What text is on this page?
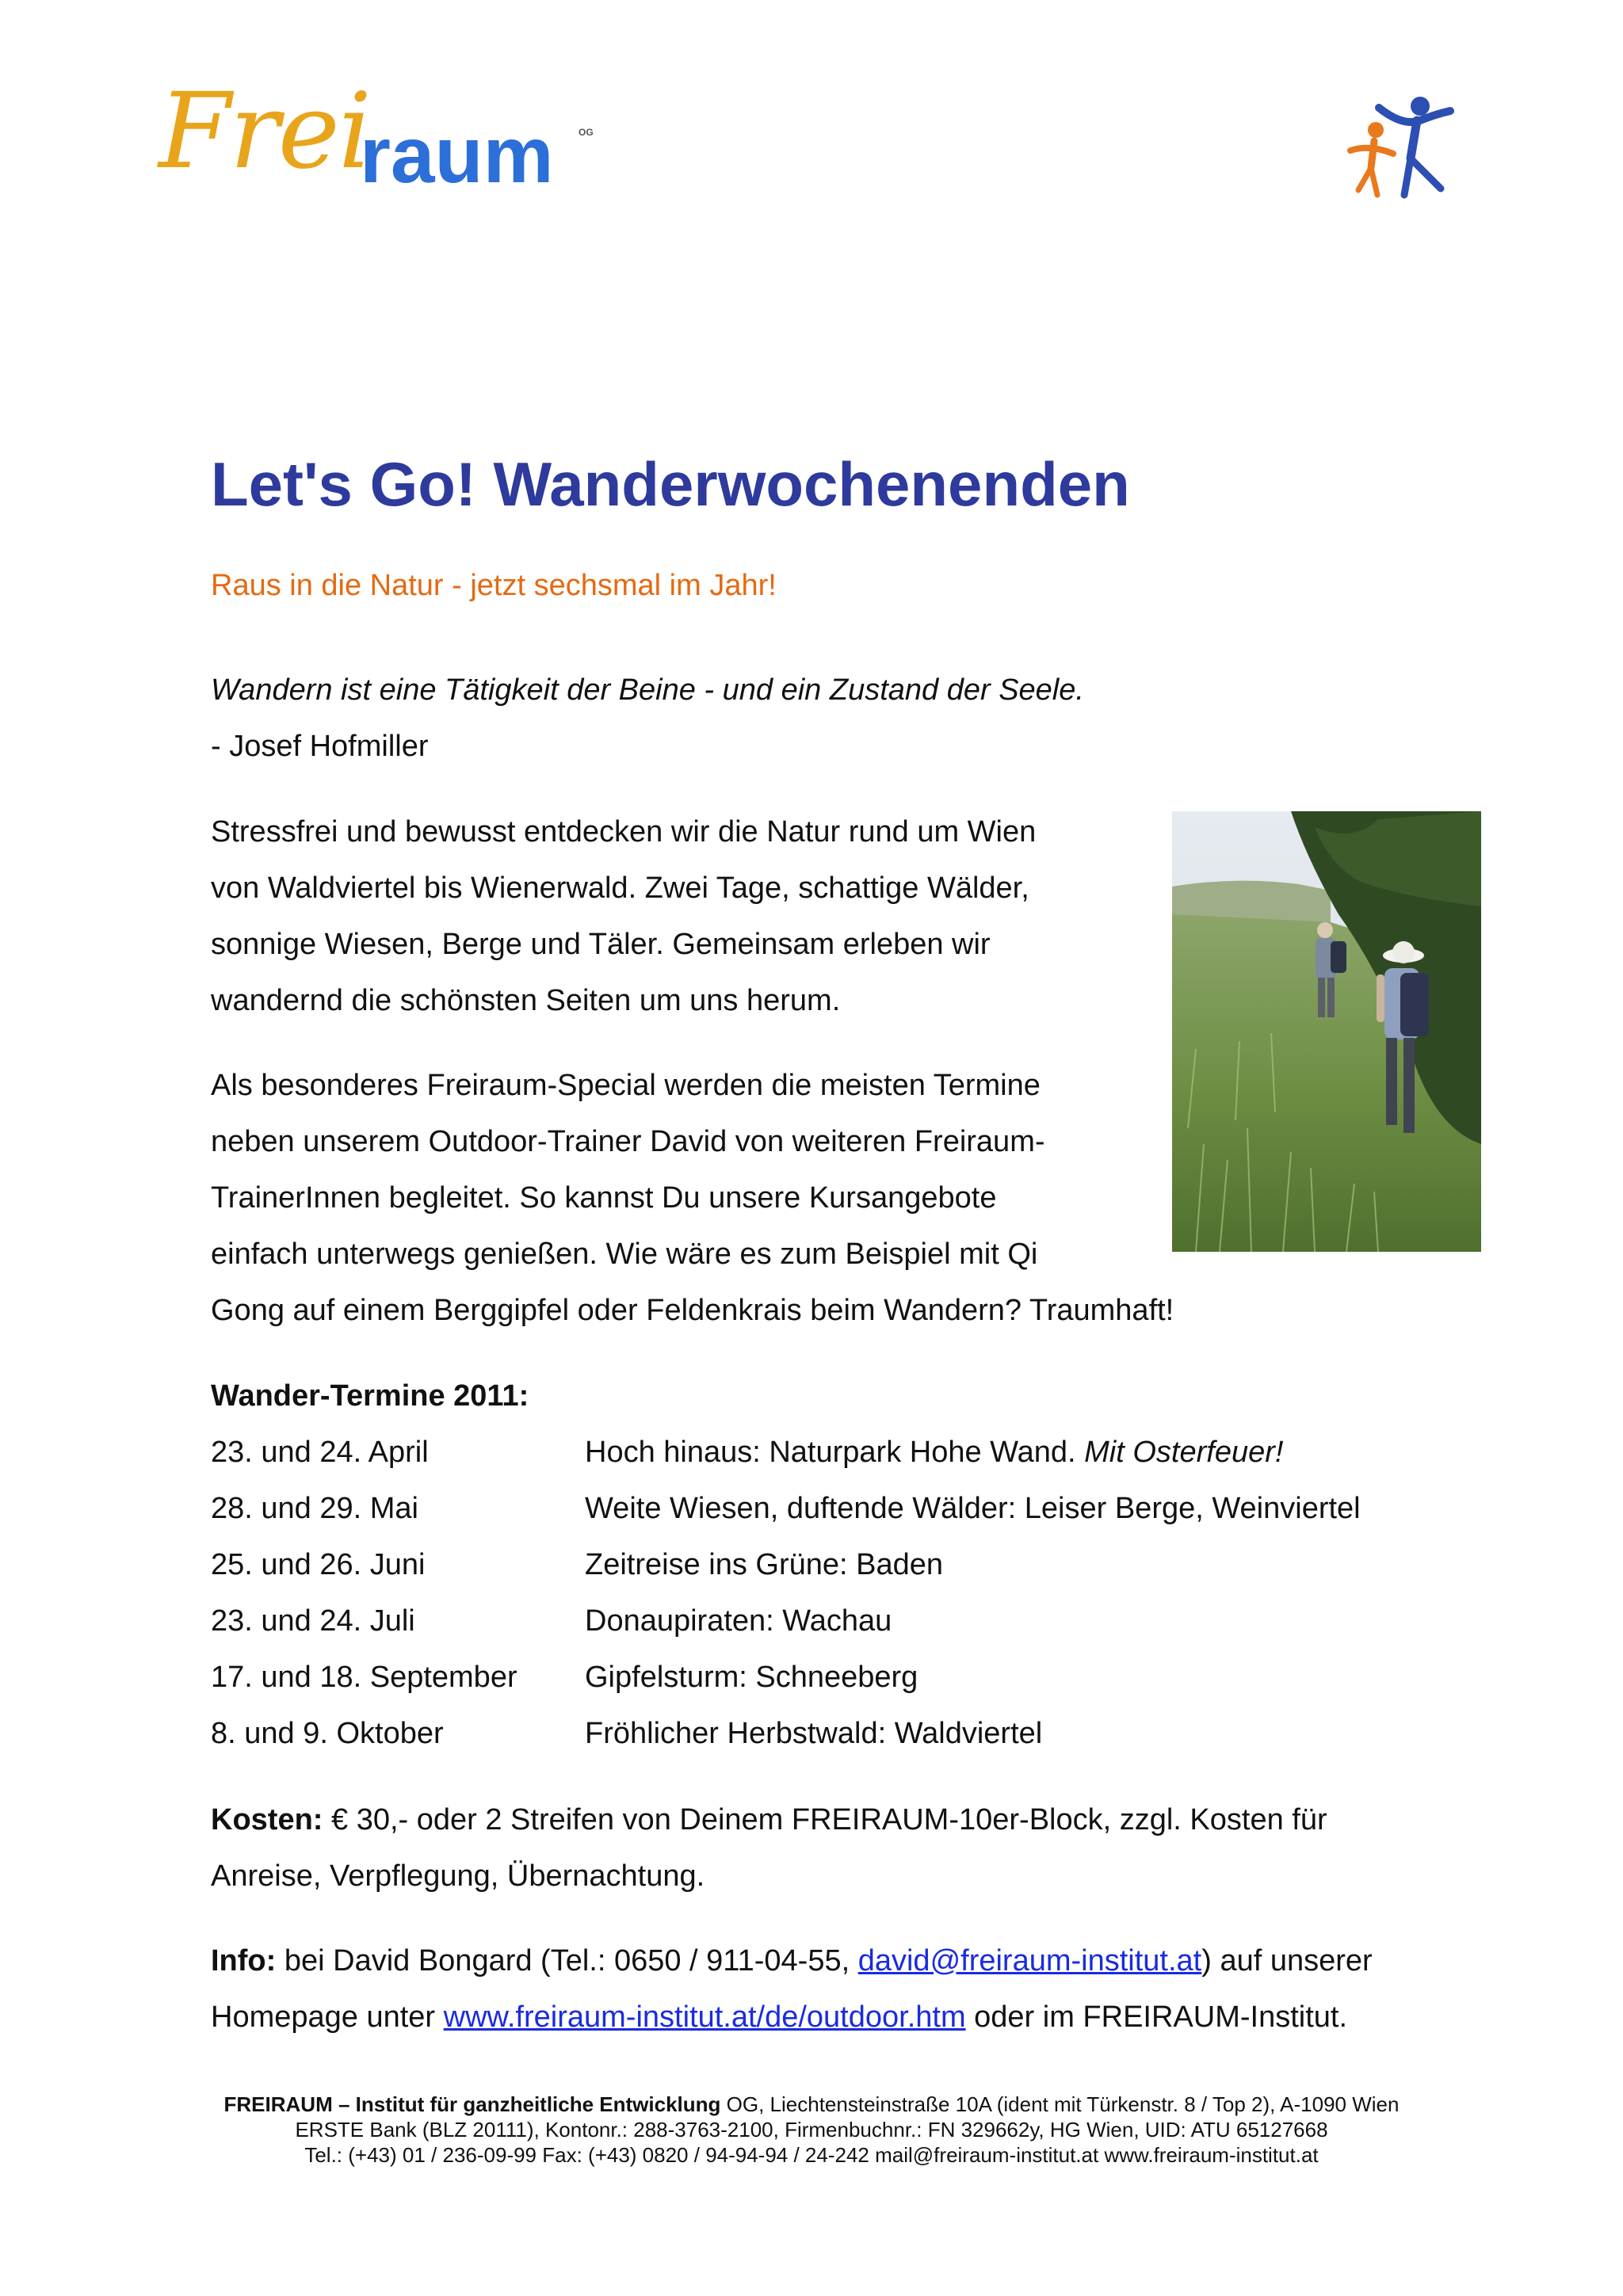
Frei
raum	OG
Let's Go! Wanderwochenenden
Raus in die Natur - jetzt sechsmal im Jahr!
Wandern ist eine Tätigkeit der Beine - und ein Zustand der Seele.
- Josef Hofmiller
Stressfrei und bewusst entdecken wir die Natur rund um Wien
von Waldviertel bis Wienerwald. Zwei Tage, schattige Wälder,
sonnige Wiesen, Berge und Täler. Gemeinsam erleben wir
wandernd die schönsten Seiten um uns herum.
Als besonderes Freiraum-Special werden die meisten Termine
neben unserem Outdoor-Trainer David von weiteren Freiraum-
TrainerInnen begleitet. So kannst Du unsere Kursangebote
einfach unterwegs genießen. Wie wäre es zum Beispiel mit Qi
Gong auf einem Berggipfel oder Feldenkrais beim Wandern? Traumhaft!
Wander-Termine 2011:
23. und 24. April	Hoch hinaus: Naturpark Hohe Wand. Mit Osterfeuer!
28. und 29. Mai	Weite Wiesen, duftende Wälder: Leiser Berge, Weinviertel
25. und 26. Juni	Zeitreise ins Grüne: Baden
23. und 24. Juli	Donaupiraten: Wachau
17. und 18. September Gipfelsturm: Schneeberg
8. und 9. Oktober	Fröhlicher Herbstwald: Waldviertel
Kosten: € 30,- oder 2 Streifen von Deinem FREIRAUM-10er-Block, zzgl. Kosten für
Anreise, Verpflegung, Übernachtung.
Info: bei David Bongard (Tel.: 0650 / 911-04-55, david@freiraum-institut.at) auf unserer
Homepage unter www.freiraum-institut.at/de/outdoor.htm oder im FREIRAUM-Institut.
FREIRAUM – Institut für ganzheitliche Entwicklung OG, Liechtensteinstraße 10A (ident mit Türkenstr. 8 / Top 2), A-1090 Wien
ERSTE Bank (BLZ 20111), Kontonr.: 288-3763-2100, Firmenbuchnr.: FN 329662y, HG Wien, UID: ATU 65127668
Tel.: (+43) 01 / 236-09-99 Fax: (+43) 0820 / 94-94-94 / 24-242 mail@freiraum-institut.at www.freiraum-institut.at
